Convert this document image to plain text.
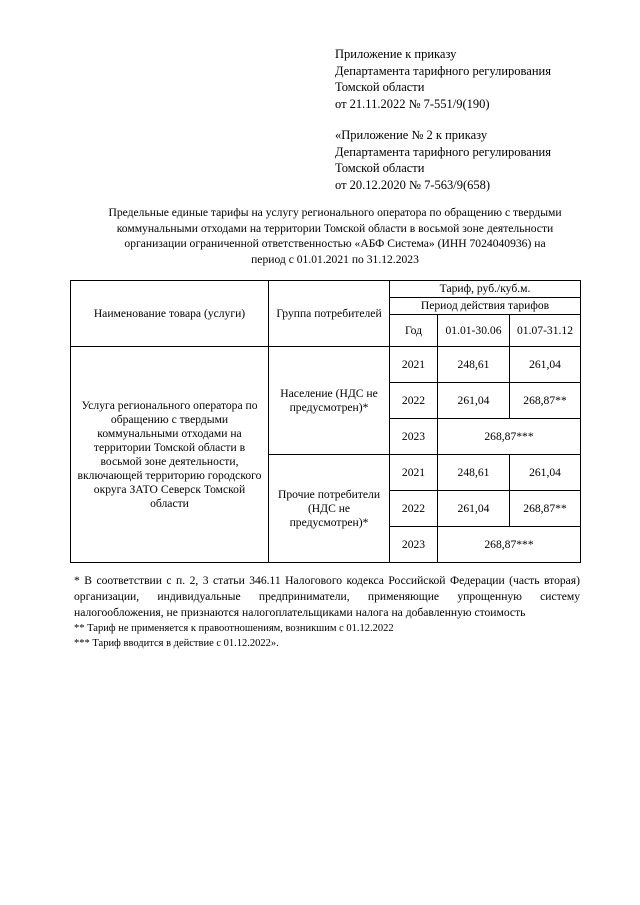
Приложение к приказу
Департамента тарифного регулирования
Томской области
от 21.11.2022 № 7-551/9(190)
«Приложение № 2 к приказу
Департамента тарифного регулирования
Томской области
от 20.12.2020 № 7-563/9(658)
Предельные единые тарифы на услугу регионального оператора по обращению с твердыми
коммунальными отходами на территории Томской области в восьмой зоне деятельности
организации ограниченной ответственностью «АБФ Система» (ИНН 7024040936) на
период с 01.01.2021 по 31.12.2023
Наименование товара (услуги)	Группа потребителей	Тариф, руб./куб.м.		
		Период действия тарифов		
		Год	01.01-30.06	01.07-31.12
Услуга регионального оператора по обращению с твердыми коммунальными отходами на территории Томской области в восьмой зоне деятельности, включающей территорию городского округа ЗАТО Северск Томской области	Население (НДС не предусмотрен)*	2021	248,61	261,04
		2022	261,04	268,87**
		2023	268,87***	
	Прочие потребители (НДС не предусмотрен)*	2021	248,61	261,04
		2022	261,04	268,87**
		2023	268,87***	
* В соответствии с п. 2, 3 статьи 346.11 Налогового кодекса Российской Федерации (часть вторая) организации, индивидуальные предприниматели, применяющие упрощенную систему налогообложения, не признаются налогоплательщиками налога на добавленную стоимость
** Тариф не применяется к правоотношениям, возникшим с 01.12.2022
*** Тариф вводится в действие с 01.12.2022».
